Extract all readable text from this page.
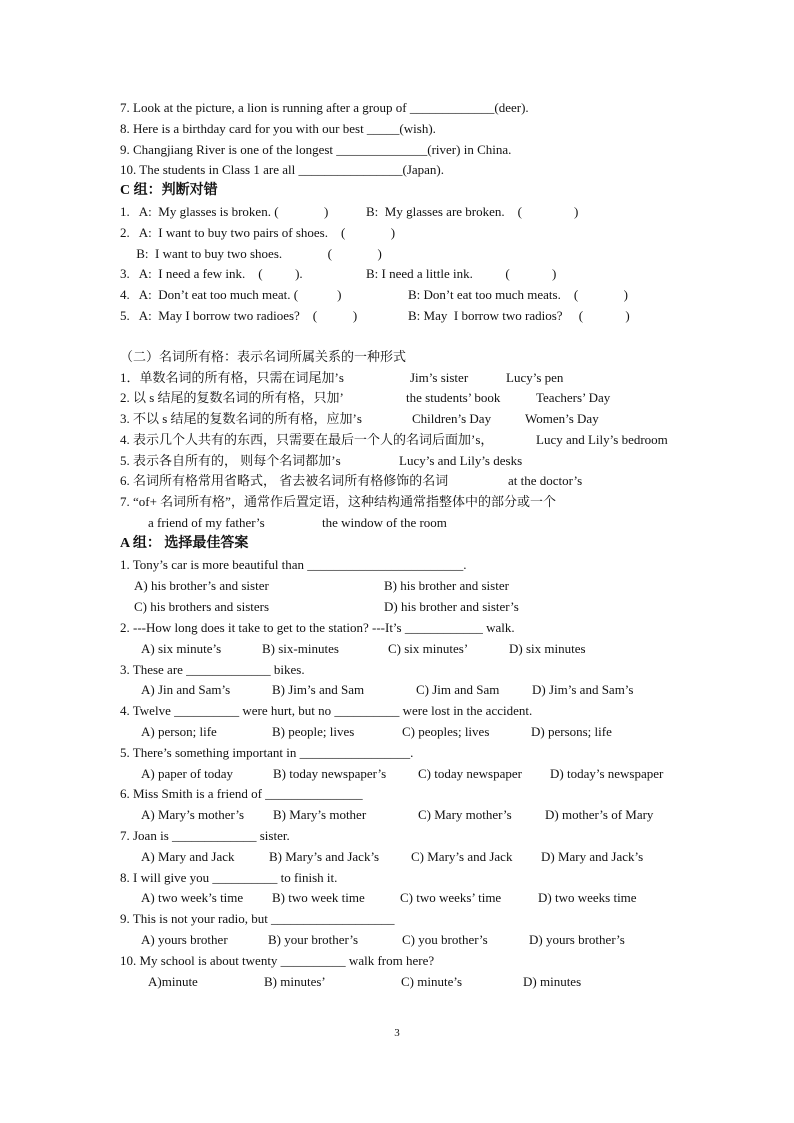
7. Look at the picture, a lion is running after a group of _____________(deer).
8. Here is a birthday card for you with our best _____(wish).
9. Changjiang River is one of the longest ______________(river) in China.
10. The students in Class 1 are all ________________(Japan).
C 组：判断对错
1.   A:  My glasses is broken. (              )	B:  My glasses are broken.    (                )
2.   A:  I want to buy two pairs of shoes.    (              )
B:  I want to buy two shoes.              (              )
3.   A:  I need a few ink.    (          ).	B: I need a little ink.          (             )
4.   A:  Don’t eat too much meat. (            )	B: Don’t eat too much meats.    (              )
5.   A:  May I borrow two radioes?    (           )	B: May  I borrow two radios?     (             )
（二）名词所有格：表示名词所属关系的一种形式
1．单数名词的所有格，只需在词尾加’s	Jim’s sister	Lucy’s pen
2. 以 s 结尾的复数名词的所有格，只加’	the students’ book	Teachers’ Day
3. 不以 s 结尾的复数名词的所有格，应加’s	Children’s Day	Women’s Day
4. 表示几个人共有的东西，只需要在最后一个人的名词后面加’s，	Lucy and Lily’s bedroom
5. 表示各自所有的， 则每个名词都加’s	Lucy’s and Lily’s desks
6. 名词所有格常用省略式， 省去被名词所有格修饰的名词	at the doctor’s
7. “of+ 名词所有格”，通常作后置定语，这种结构通常指整体中的部分或一个
a friend of my father’s	the window of the room
A 组： 选择最佳答案
1. Tony’s car is more beautiful than ________________________.
A) his brother’s and sister	B) his brother and sister
C) his brothers and sisters	D) his brother and sister’s
2. ---How long does it take to get to the station? ---It’s ____________ walk.
A) six minute’s	B) six-minutes	C) six minutes’	D) six minutes
3. These are _____________ bikes.
A) Jin and Sam’s	B) Jim’s and Sam	C) Jim and Sam	D) Jim’s and Sam’s
4. Twelve __________ were hurt, but no __________ were lost in the accident.
A) person; life	B) people; lives	C) peoples; lives	D) persons; life
5. There’s something important in _________________.
A) paper of today	B) today newspaper’s C) today newspaper D) today’s newspaper
6. Miss Smith is a friend of _______________
A) Mary’s mother’s B) Mary’s mother	C) Mary mother’s	D) mother’s of Mary
7. Joan is _____________ sister.
A) Mary and Jack	B) Mary’s and Jack’s C) Mary’s and Jack D) Mary and Jack’s
8. I will give you __________ to finish it.
A) two week’s time B) two week time	C) two weeks’ time	D) two weeks time
9. This is not your radio, but ___________________
A) yours brother	B) your brother’s	C) you brother’s	D) yours brother’s
10. My school is about twenty __________ walk from here?
A)minute	B) minutes’	C) minute’s	D) minutes
3
